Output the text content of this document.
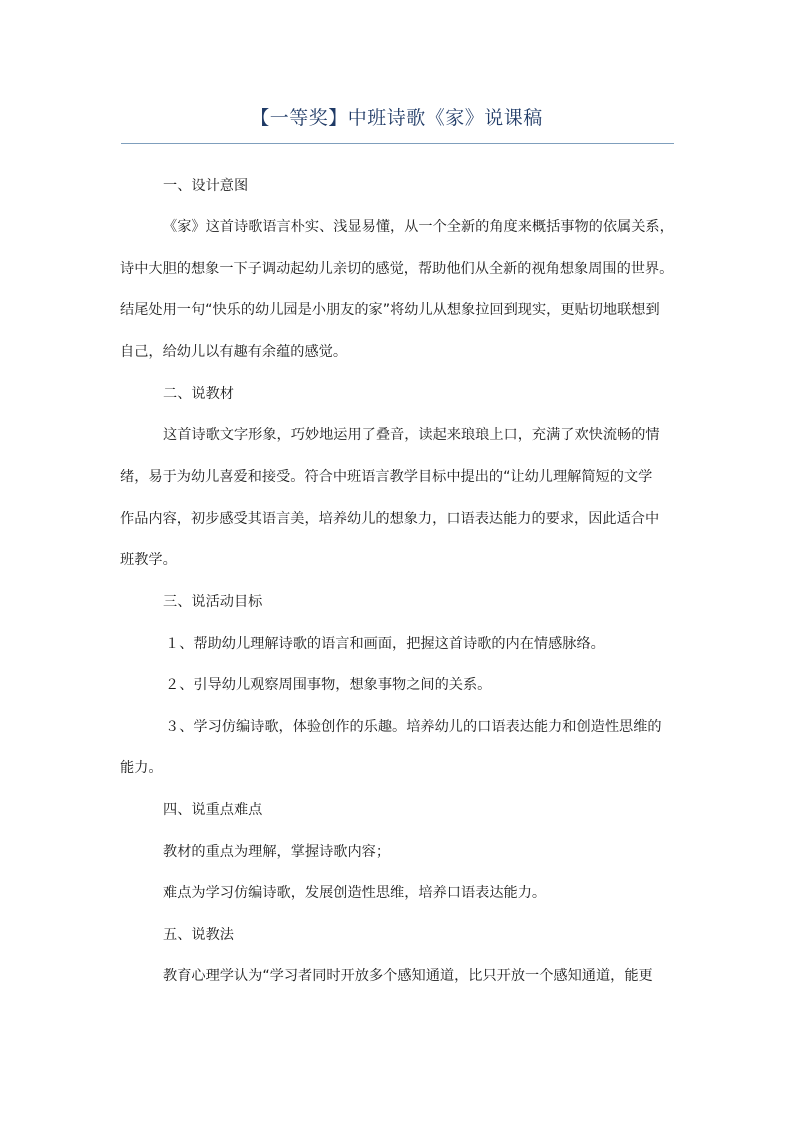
【一等奖】中班诗歌《家》说课稿
一、设计意图
《家》这首诗歌语言朴实、浅显易懂，从一个全新的角度来概括事物的依属关系，
诗中大胆的想象一下子调动起幼儿亲切的感觉，帮助他们从全新的视角想象周围的世界。
结尾处用一句“快乐的幼儿园是小朋友的家”将幼儿从想象拉回到现实，更贴切地联想到
自己，给幼儿以有趣有余蕴的感觉。
二、说教材
这首诗歌文字形象，巧妙地运用了叠音，读起来琅琅上口，充满了欢快流畅的情
绪，易于为幼儿喜爱和接受。符合中班语言教学目标中提出的“让幼儿理解简短的文学
作品内容，初步感受其语言美，培养幼儿的想象力，口语表达能力的要求，因此适合中
班教学。
三、说活动目标
１、帮助幼儿理解诗歌的语言和画面，把握这首诗歌的内在情感脉络。
２、引导幼儿观察周围事物，想象事物之间的关系。
３、学习仿编诗歌，体验创作的乐趣。培养幼儿的口语表达能力和创造性思维的
能力。
四、说重点难点
教材的重点为理解，掌握诗歌内容；
难点为学习仿编诗歌，发展创造性思维，培养口语表达能力。
五、说教法
教育心理学认为“学习者同时开放多个感知通道，比只开放一个感知通道，能更
